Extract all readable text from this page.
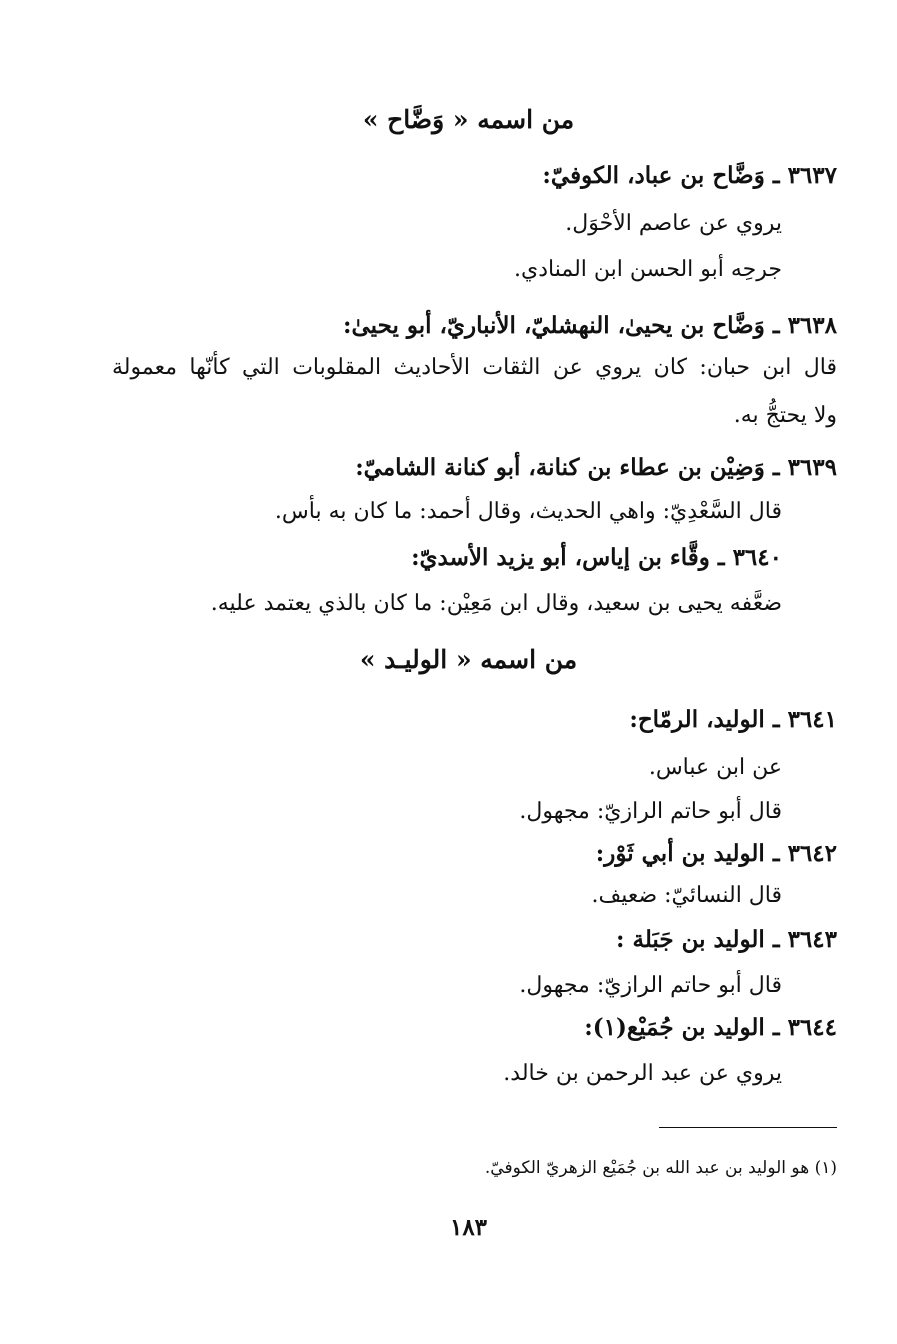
من اسمه « وَضَّاح »
٣٦٣٧ ـ وَضَّاح بن عباد، الكوفيّ:
يروي عن عاصم الأحْوَل.
جرحِه أبو الحسن ابن المنادي.
٣٦٣٨ ـ وَضَّاح بن يحيىٰ، النهشليّ، الأنباريّ، أبو يحيىٰ:
قال ابن حبان: كان يروي عن الثقات الأحاديث المقلوبات التي كأنّها معمولة
ولا يحتجُّ به.
٣٦٣٩ ـ وَضِيْن بن عطاء بن كنانة، أبو كنانة الشاميّ:
قال السَّعْدِيّ: واهي الحديث، وقال أحمد: ما كان به بأس.
٣٦٤٠ ـ وقَّاء بن إياس، أبو يزيد الأسديّ:
ضعَّفه يحيى بن سعيد، وقال ابن مَعِيْن: ما كان بالذي يعتمد عليه.
من اسمه « الوليـد »
٣٦٤١ ـ الوليد، الرمّاح:
عن ابن عباس.
قال أبو حاتم الرازيّ: مجهول.
٣٦٤٢ ـ الوليد بن أبي ثَوْر:
قال النسائيّ: ضعيف.
٣٦٤٣ ـ الوليد بن جَبَلة :
قال أبو حاتم الرازيّ: مجهول.
٣٦٤٤ ـ الوليد بن جُمَيْع(١):
يروي عن عبد الرحمن بن خالد.
(١) هو الوليد بن عبد الله بن جُمَيْع الزهريّ الكوفيّ.
١٨٣
